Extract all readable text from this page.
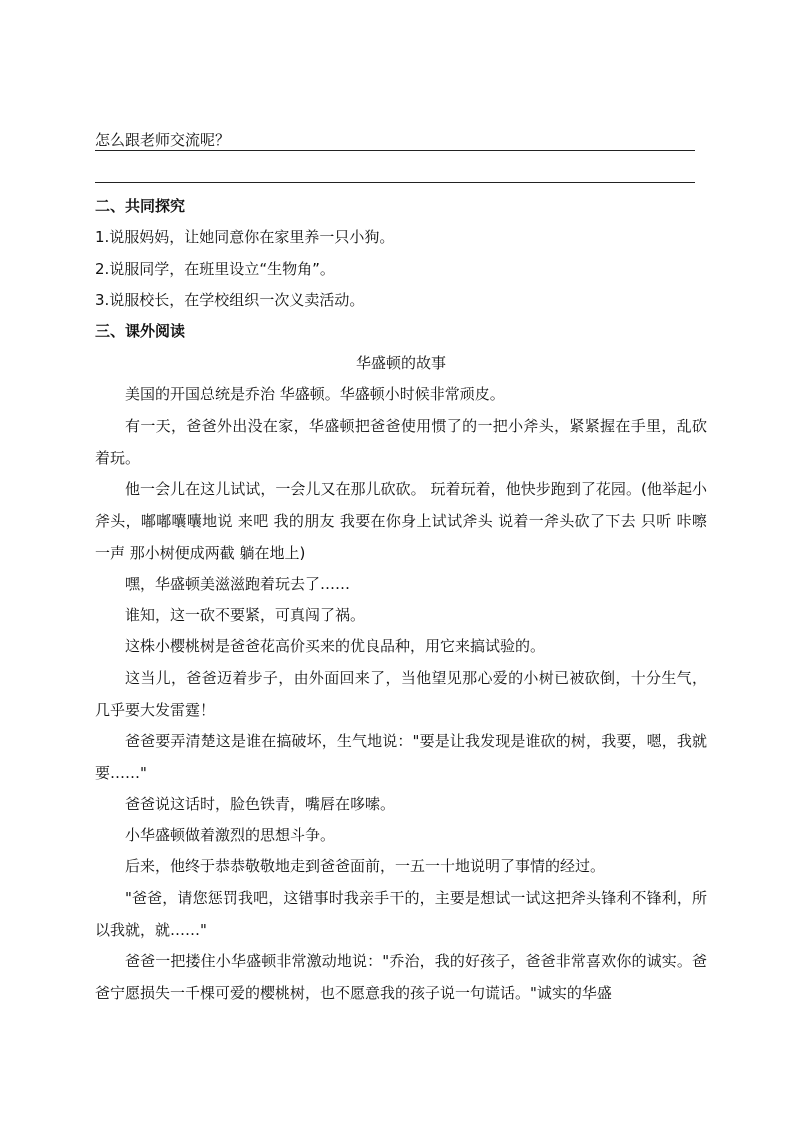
怎么跟老师交流呢？

二、共同探究

1.说服妈妈，让她同意你在家里养一只小狗。

2.说服同学，在班里设立“生物角”。

3.说服校长，在学校组织一次义卖活动。

三、课外阅读

华盛顿的故事

美国的开国总统是乔治 华盛顿。华盛顿小时候非常顽皮。

有一天，爸爸外出没在家，华盛顿把爸爸使用惯了的一把小斧头，紧紧握在手里，乱砍着玩。

他一会儿在这儿试试，一会儿又在那儿砍砍。 玩着玩着，他快步跑到了花园。(他举起小斧头，嘟嘟囔囔地说 来吧 我的朋友 我要在你身上试试斧头 说着一斧头砍了下去 只听 咔嚓 一声 那小树便成两截 躺在地上)

嘿，华盛顿美滋滋跑着玩去了……

谁知，这一砍不要紧，可真闯了祸。

这株小樱桃树是爸爸花高价买来的优良品种，用它来搞试验的。

这当儿，爸爸迈着步子，由外面回来了，当他望见那心爱的小树已被砍倒，十分生气，几乎要大发雷霆！

爸爸要弄清楚这是谁在搞破坏，生气地说："要是让我发现是谁砍的树，我要，嗯，我就要……"

爸爸说这话时，脸色铁青，嘴唇在哆嗦。

小华盛顿做着激烈的思想斗争。

后来，他终于恭恭敬敬地走到爸爸面前，一五一十地说明了事情的经过。

"爸爸，请您惩罚我吧，这错事时我亲手干的，主要是想试一试这把斧头锋利不锋利，所以我就，就……"

爸爸一把搂住小华盛顿非常激动地说："乔治，我的好孩子，爸爸非常喜欢你的诚实。爸爸宁愿损失一千棵可爱的樱桃树，也不愿意我的孩子说一句谎话。"诚实的华盛
